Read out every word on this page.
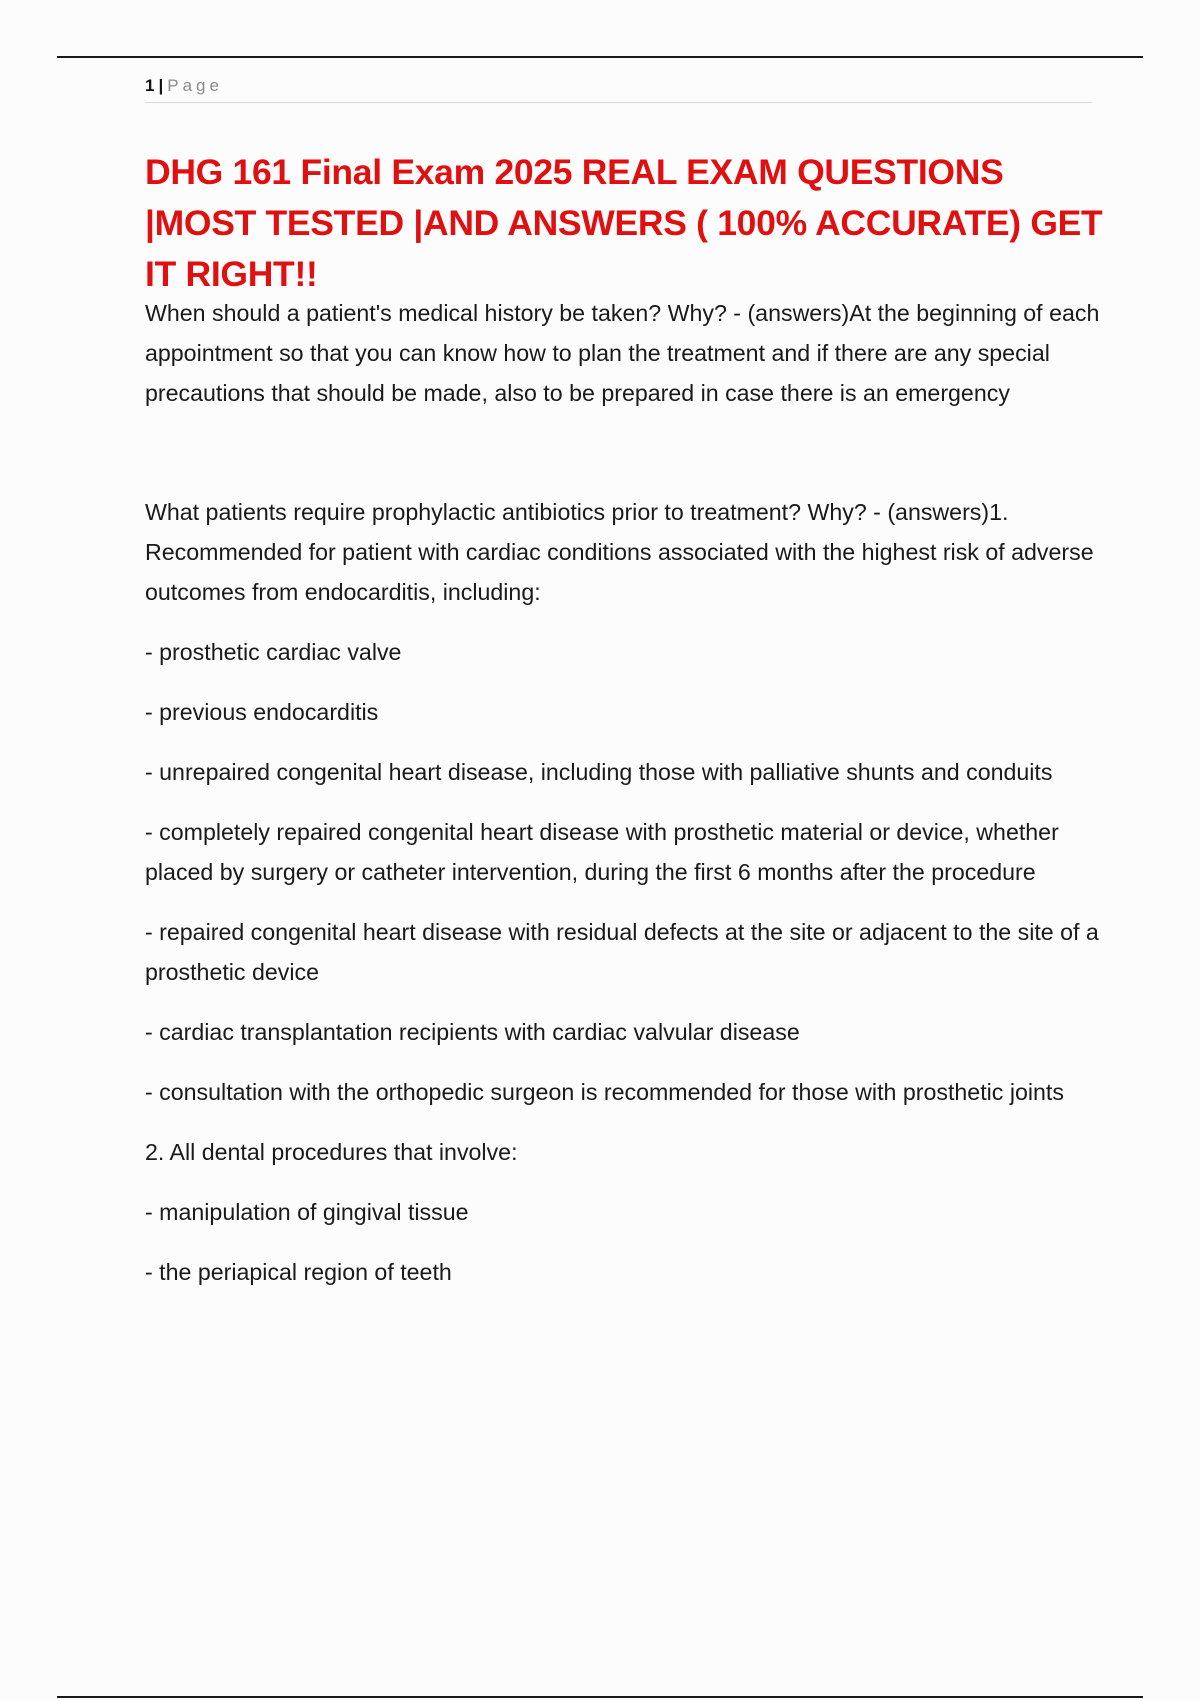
1 | Page
DHG 161 Final Exam 2025 REAL EXAM QUESTIONS |MOST TESTED |AND ANSWERS ( 100% ACCURATE) GET IT RIGHT!!

When should a patient's medical history be taken? Why? - (answers)At the beginning of each appointment so that you can know how to plan the treatment and if there are any special precautions that should be made, also to be prepared in case there is an emergency

What patients require prophylactic antibiotics prior to treatment? Why? - (answers)1. Recommended for patient with cardiac conditions associated with the highest risk of adverse outcomes from endocarditis, including:

- prosthetic cardiac valve

- previous endocarditis

- unrepaired congenital heart disease, including those with palliative shunts and conduits

- completely repaired congenital heart disease with prosthetic material or device, whether placed by surgery or catheter intervention, during the first 6 months after the procedure

- repaired congenital heart disease with residual defects at the site or adjacent to the site of a prosthetic device

- cardiac transplantation recipients with cardiac valvular disease

- consultation with the orthopedic surgeon is recommended for those with prosthetic joints

2. All dental procedures that involve:

- manipulation of gingival tissue

- the periapical region of teeth
